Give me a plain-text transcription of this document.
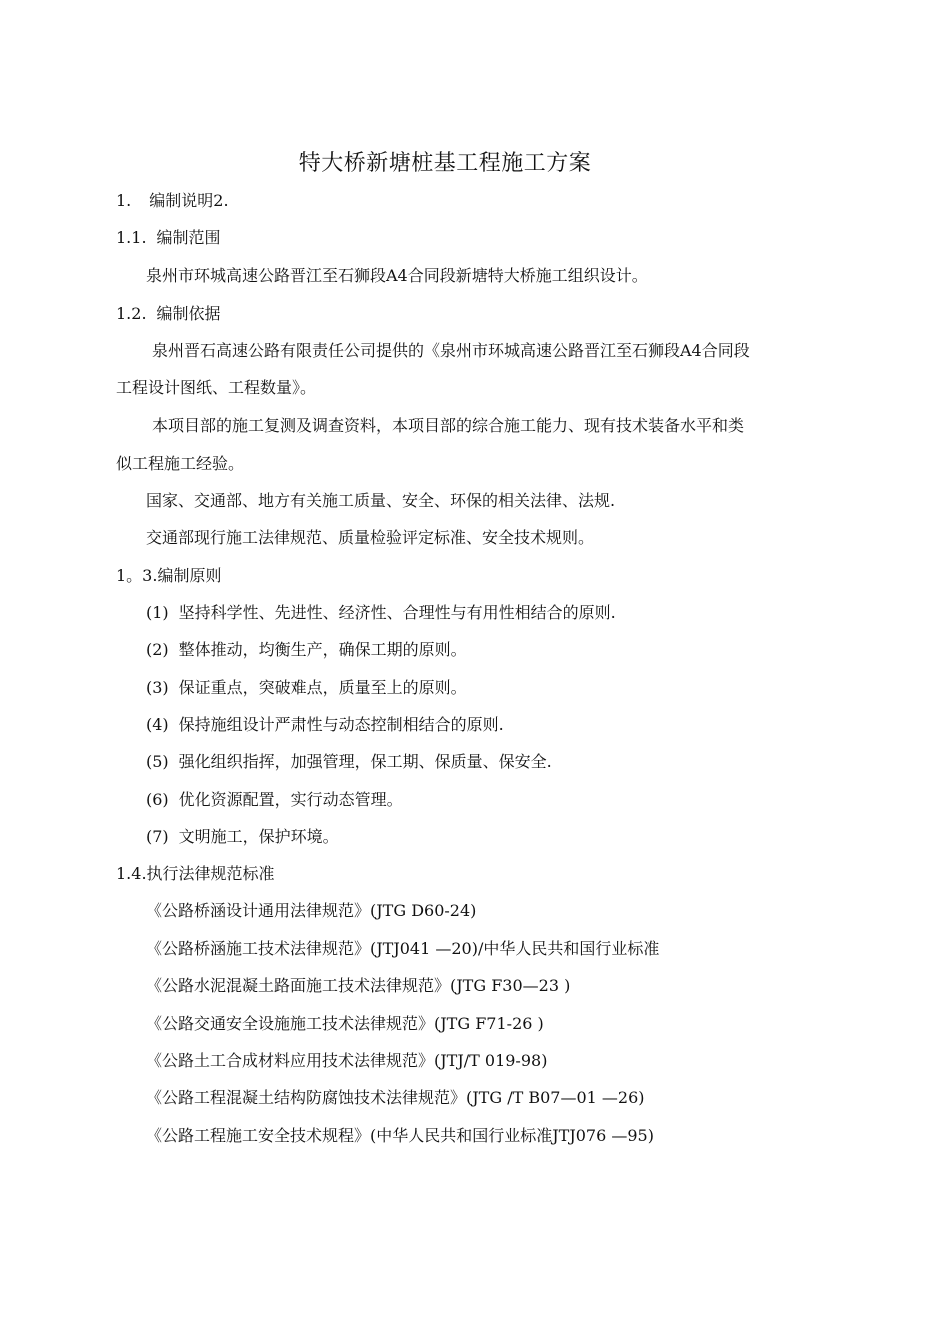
特大桥新塘桩基工程施工方案
1. 编制说明2.
1.1. 编制范围
泉州市环城高速公路晋江至石狮段A4合同段新塘特大桥施工组织设计。
1.2. 编制依据
泉州晋石高速公路有限责任公司提供的《泉州市环城高速公路晋江至石狮段A4合同段
工程设计图纸、工程数量》。
本项目部的施工复测及调查资料，本项目部的综合施工能力、现有技术装备水平和类
似工程施工经验。
国家、交通部、地方有关施工质量、安全、环保的相关法律、法规.
交通部现行施工法律规范、质量检验评定标准、安全技术规则。
1。3.编制原则
(1) 坚持科学性、先进性、经济性、合理性与有用性相结合的原则.
(2) 整体推动，均衡生产，确保工期的原则。
(3) 保证重点，突破难点，质量至上的原则。
(4) 保持施组设计严肃性与动态控制相结合的原则.
(5) 强化组织指挥，加强管理，保工期、保质量、保安全.
(6) 优化资源配置，实行动态管理。
(7) 文明施工，保护环境。
1.4.执行法律规范标准
《公路桥涵设计通用法律规范》(JTG D60-24)
《公路桥涵施工技术法律规范》(JTJ041 —20)/中华人民共和国行业标准
《公路水泥混凝土路面施工技术法律规范》(JTG F30—23 )
《公路交通安全设施施工技术法律规范》(JTG F71-26 )
《公路土工合成材料应用技术法律规范》(JTJ/T 019-98)
《公路工程混凝土结构防腐蚀技术法律规范》(JTG /T B07—01 —26)
《公路工程施工安全技术规程》(中华人民共和国行业标准JTJ076 —95)
